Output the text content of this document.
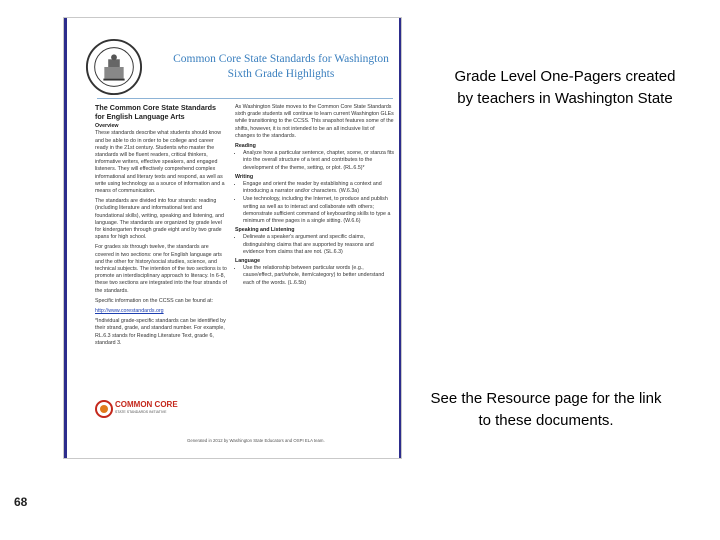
Common Core State Standards for Washington
Sixth Grade Highlights
The Common Core State Standards for English Language Arts
Overview

These standards describe what students should know and be able to do in order to be college and career ready in the 21st century. Students who master the standards will be fluent readers, critical thinkers, informative writers, effective speakers, and engaged listeners. They will effectively comprehend complex informational and literary texts and respond, as well as write using technology as a source of information and a means of communication.

The standards are divided into four strands: reading (including literature and informational text and foundational skills), writing, speaking and listening, and language. The standards are organized by grade level for kindergarten through grade eight and by two grade spans for high school.

For grades six through twelve, the standards are covered in two sections: one for English language arts and the other for history/social studies, science, and technical subjects. The intention of the two sections is to promote an interdisciplinary approach to literacy. In 6-8, these two sections are integrated into the four strands of the standards.

Specific information on the CCSS can be found at:

http://www.corestandards.org

*Individual grade-specific standards can be identified by their strand, grade, and standard number. For example, RL.6.3 stands for Reading Literature Text, grade 6, standard 3.

As Washington State moves to the Common Core State Standards sixth grade students will continue to learn current Washington GLEs while transitioning to the CCSS. This snapshot features some of the shifts, however, it is not intended to be an all inclusive list of changes to the standards.

Reading
• Analyze how a particular sentence, chapter, scene, or stanza fits into the overall structure of a text and contributes to the development of the theme, setting, or plot. (RL.6.5)*
Writing
• Engage and orient the reader by establishing a context and introducing a narrator and/or characters. (W.6.3a)
• Use technology, including the Internet, to produce and publish writing as well as to interact and collaborate with others; demonstrate sufficient command of keyboarding skills to type a minimum of three pages in a single sitting. (W.6.6)
Speaking and Listening
• Delineate a speaker's argument and specific claims, distinguishing claims that are supported by reasons and evidence from claims that are not. (SL.6.3)
Language
• Use the relationship between particular words (e.g., cause/effect, part/whole, item/category) to better understand each of the words. (L.6.5b)
COMMON CORE
STATE STANDARDS INITIATIVE
Generated in 2012 by Washington State Educators and OSPI ELA team.
Grade Level One-Pagers created by teachers in Washington State
See the Resource page for the link to these documents.
68
